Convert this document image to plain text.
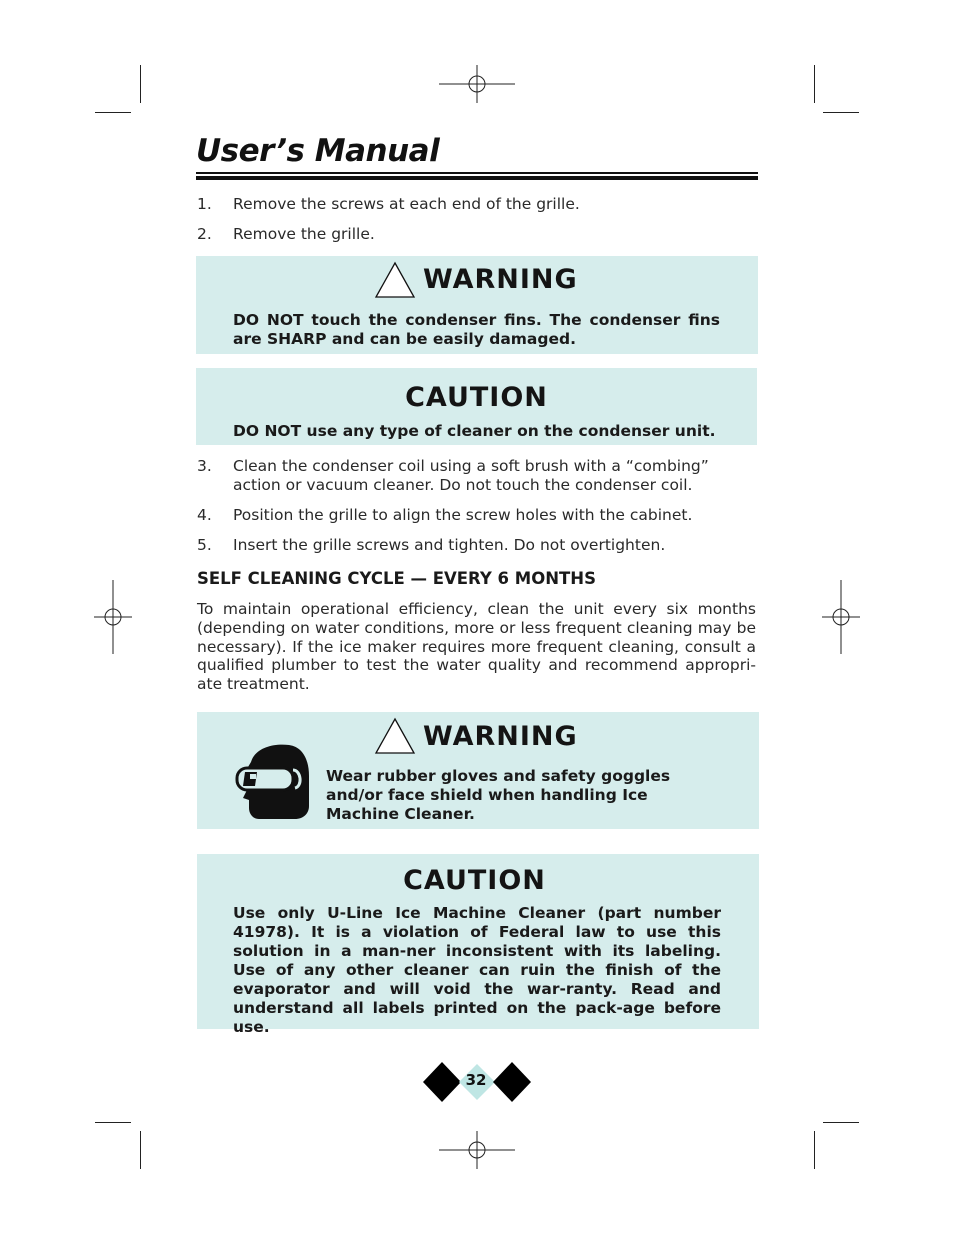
User’s Manual
1. Remove the screws at each end of the grille.
2. Remove the grille.
WARNING
DO NOT touch the condenser fins. The condenser fins are SHARP and can be easily damaged.
CAUTION
DO NOT use any type of cleaner on the condenser unit.
3. Clean the condenser coil using a soft brush with a “combing” action or vacuum cleaner. Do not touch the condenser coil.
4. Position the grille to align the screw holes with the cabinet.
5. Insert the grille screws and tighten. Do not overtighten.
SELF CLEANING CYCLE — EVERY 6 MONTHS
To maintain operational efficiency, clean the unit every six months (depending on water conditions, more or less frequent cleaning may be necessary). If the ice maker requires more frequent cleaning, consult a qualified plumber to test the water quality and recommend appropri-ate treatment.
WARNING
Wear rubber gloves and safety goggles and/or face shield when handling Ice Machine Cleaner.
CAUTION
Use only U-Line Ice Machine Cleaner (part number 41978). It is a violation of Federal law to use this solution in a man-ner inconsistent with its labeling. Use of any other cleaner can ruin the finish of the evaporator and will void the war-ranty. Read and understand all labels printed on the pack-age before use.
32
